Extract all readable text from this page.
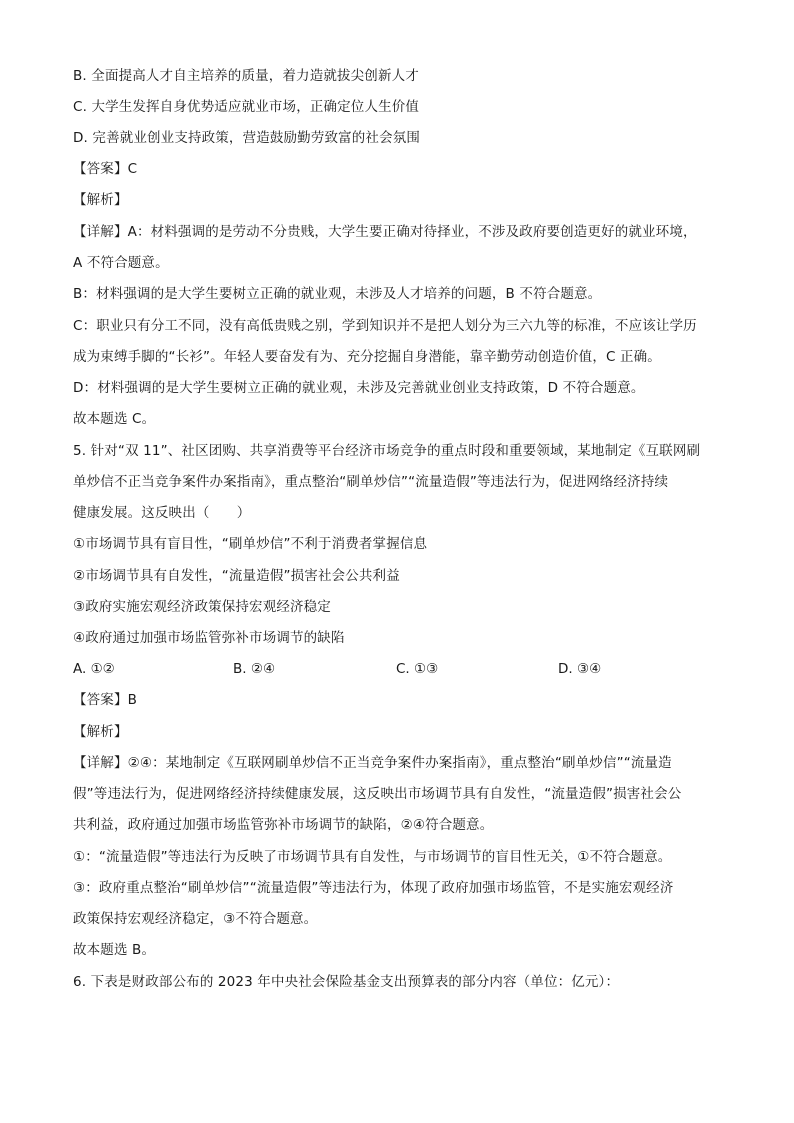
B. 全面提高人才自主培养的质量，着力造就拔尖创新人才
C. 大学生发挥自身优势适应就业市场，正确定位人生价值
D. 完善就业创业支持政策，营造鼓励勤劳致富的社会氛围
【答案】C
【解析】
【详解】A：材料强调的是劳动不分贵贱，大学生要正确对待择业，不涉及政府要创造更好的就业环境，
A 不符合题意。
B：材料强调的是大学生要树立正确的就业观，未涉及人才培养的问题，B 不符合题意。
C：职业只有分工不同，没有高低贵贱之别，学到知识并不是把人划分为三六九等的标准，不应该让学历
成为束缚手脚的“长衫”。年轻人要奋发有为、充分挖掘自身潜能，靠辛勤劳动创造价值，C 正确。
D：材料强调的是大学生要树立正确的就业观，未涉及完善就业创业支持政策，D 不符合题意。
故本题选 C。
5. 针对“双 11”、社区团购、共享消费等平台经济市场竞争的重点时段和重要领域，某地制定《互联网刷
单炒信不正当竞争案件办案指南》，重点整治“刷单炒信”“流量造假”等违法行为，促进网络经济持续
健康发展。这反映出（　　）
①市场调节具有盲目性，“刷单炒信”不利于消费者掌握信息
②市场调节具有自发性，“流量造假”损害社会公共利益
③政府实施宏观经济政策保持宏观经济稳定
④政府通过加强市场监管弥补市场调节的缺陷
A. ①②	B. ②④	C. ①③	D. ③④
【答案】B
【解析】
【详解】②④：某地制定《互联网刷单炒信不正当竞争案件办案指南》，重点整治“刷单炒信”“流量造
假”等违法行为，促进网络经济持续健康发展，这反映出市场调节具有自发性，“流量造假”损害社会公
共利益，政府通过加强市场监管弥补市场调节的缺陷，②④符合题意。
①：“流量造假”等违法行为反映了市场调节具有自发性，与市场调节的盲目性无关，①不符合题意。
③：政府重点整治“刷单炒信”“流量造假”等违法行为，体现了政府加强市场监管，不是实施宏观经济
政策保持宏观经济稳定，③不符合题意。
故本题选 B。
6. 下表是财政部公布的 2023 年中央社会保险基金支出预算表的部分内容（单位：亿元）：
